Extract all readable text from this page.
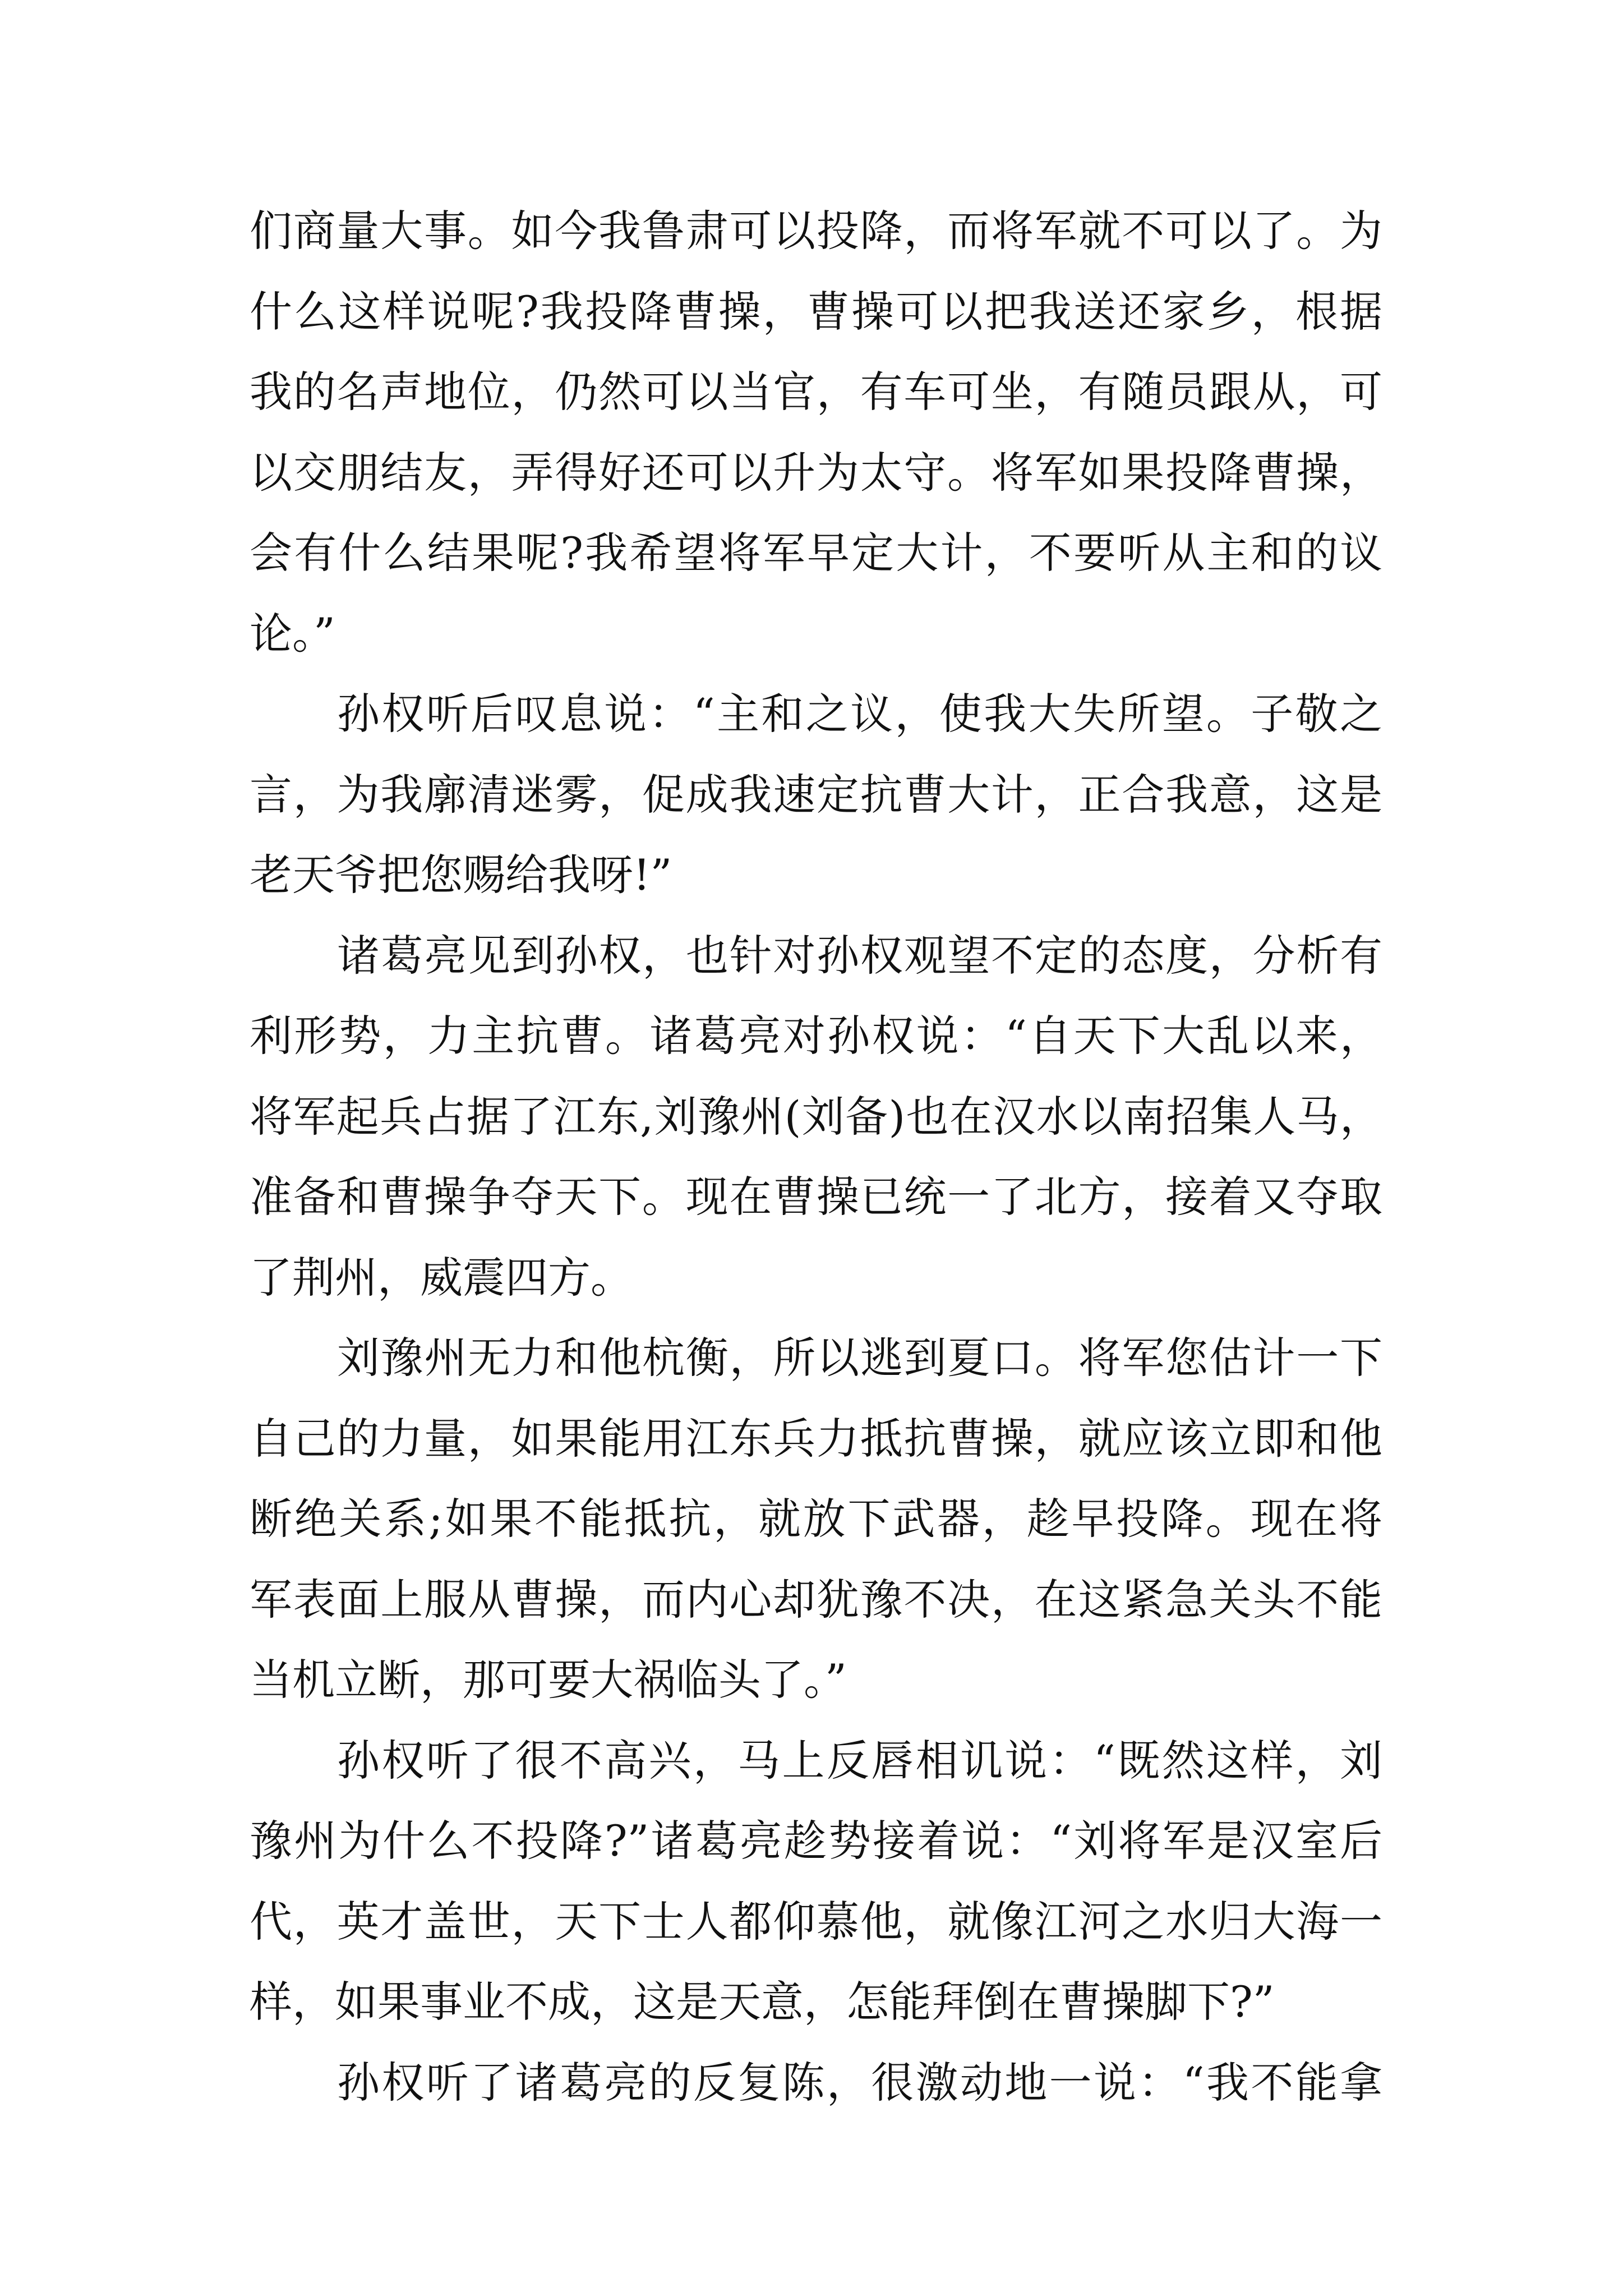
们商量大事。如今我鲁肃可以投降，而将军就不可以了。为
什么这样说呢?我投降曹操，曹操可以把我送还家乡，根据
我的名声地位，仍然可以当官，有车可坐，有随员跟从，可
以交朋结友，弄得好还可以升为太守。将军如果投降曹操，
会有什么结果呢?我希望将军早定大计，不要听从主和的议
论。”
孙权听后叹息说：“主和之议，使我大失所望。子敬之
言，为我廓清迷雾，促成我速定抗曹大计，正合我意，这是
老天爷把您赐给我呀!”
诸葛亮见到孙权，也针对孙权观望不定的态度，分析有
利形势，力主抗曹。诸葛亮对孙权说：“自天下大乱以来，
将军起兵占据了江东,刘豫州(刘备)也在汉水以南招集人马，
准备和曹操争夺天下。现在曹操已统一了北方，接着又夺取
了荆州，威震四方。
刘豫州无力和他杭衡，所以逃到夏口。将军您估计一下
自己的力量，如果能用江东兵力抵抗曹操，就应该立即和他
断绝关系;如果不能抵抗，就放下武器，趁早投降。现在将
军表面上服从曹操，而内心却犹豫不决，在这紧急关头不能
当机立断，那可要大祸临头了。”
孙权听了很不高兴，马上反唇相讥说：“既然这样，刘
豫州为什么不投降?”诸葛亮趁势接着说：“刘将军是汉室后
代，英才盖世，天下士人都仰慕他，就像江河之水归大海一
样，如果事业不成，这是天意，怎能拜倒在曹操脚下?”
孙权听了诸葛亮的反复陈，很激动地一说：“我不能拿
